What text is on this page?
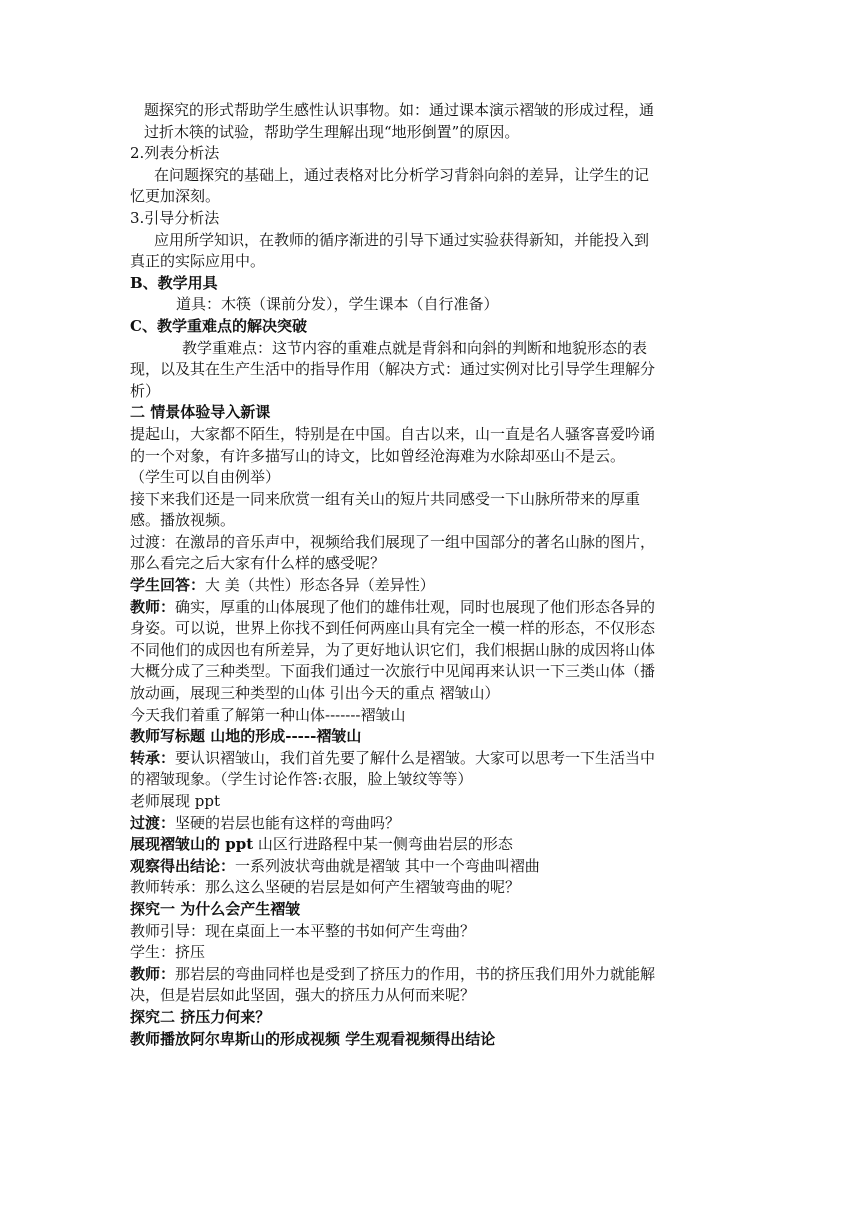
题探究的形式帮助学生感性认识事物。如：通过课本演示褶皱的形成过程，通
过折木筷的试验，帮助学生理解出现“地形倒置”的原因。
2.列表分析法
在问题探究的基础上，通过表格对比分析学习背斜向斜的差异，让学生的记
忆更加深刻。
3.引导分析法
应用所学知识，在教师的循序渐进的引导下通过实验获得新知，并能投入到
真正的实际应用中。
B、教学用具
道具：木筷（课前分发），学生课本（自行准备）
C、教学重难点的解决突破
教学重难点：这节内容的重难点就是背斜和向斜的判断和地貌形态的表
现，以及其在生产生活中的指导作用（解决方式：通过实例对比引导学生理解分
析）
二 情景体验导入新课
提起山，大家都不陌生，特别是在中国。自古以来，山一直是名人骚客喜爱吟诵
的一个对象，有许多描写山的诗文，比如曾经沧海难为水除却巫山不是云。
（学生可以自由例举）
接下来我们还是一同来欣赏一组有关山的短片共同感受一下山脉所带来的厚重
感。播放视频。
过渡：在激昂的音乐声中，视频给我们展现了一组中国部分的著名山脉的图片，
那么看完之后大家有什么样的感受呢？
学生回答：大 美（共性）形态各异（差异性）
教师：确实，厚重的山体展现了他们的雄伟壮观，同时也展现了他们形态各异的
身姿。可以说，世界上你找不到任何两座山具有完全一模一样的形态，不仅形态
不同他们的成因也有所差异，为了更好地认识它们，我们根据山脉的成因将山体
大概分成了三种类型。下面我们通过一次旅行中见闻再来认识一下三类山体（播
放动画，展现三种类型的山体 引出今天的重点 褶皱山）
今天我们着重了解第一种山体-------褶皱山
教师写标题 山地的形成-----褶皱山
转承：要认识褶皱山，我们首先要了解什么是褶皱。大家可以思考一下生活当中
的褶皱现象。（学生讨论作答:衣服，脸上皱纹等等）
老师展现 ppt
过渡：坚硬的岩层也能有这样的弯曲吗？
展现褶皱山的 ppt 山区行进路程中某一侧弯曲岩层的形态
观察得出结论：一系列波状弯曲就是褶皱 其中一个弯曲叫褶曲
教师转承：那么这么坚硬的岩层是如何产生褶皱弯曲的呢？
探究一 为什么会产生褶皱
教师引导：现在桌面上一本平整的书如何产生弯曲？
学生：挤压
教师：那岩层的弯曲同样也是受到了挤压力的作用，书的挤压我们用外力就能解
决，但是岩层如此坚固，强大的挤压力从何而来呢？
探究二 挤压力何来？
教师播放阿尔卑斯山的形成视频 学生观看视频得出结论
